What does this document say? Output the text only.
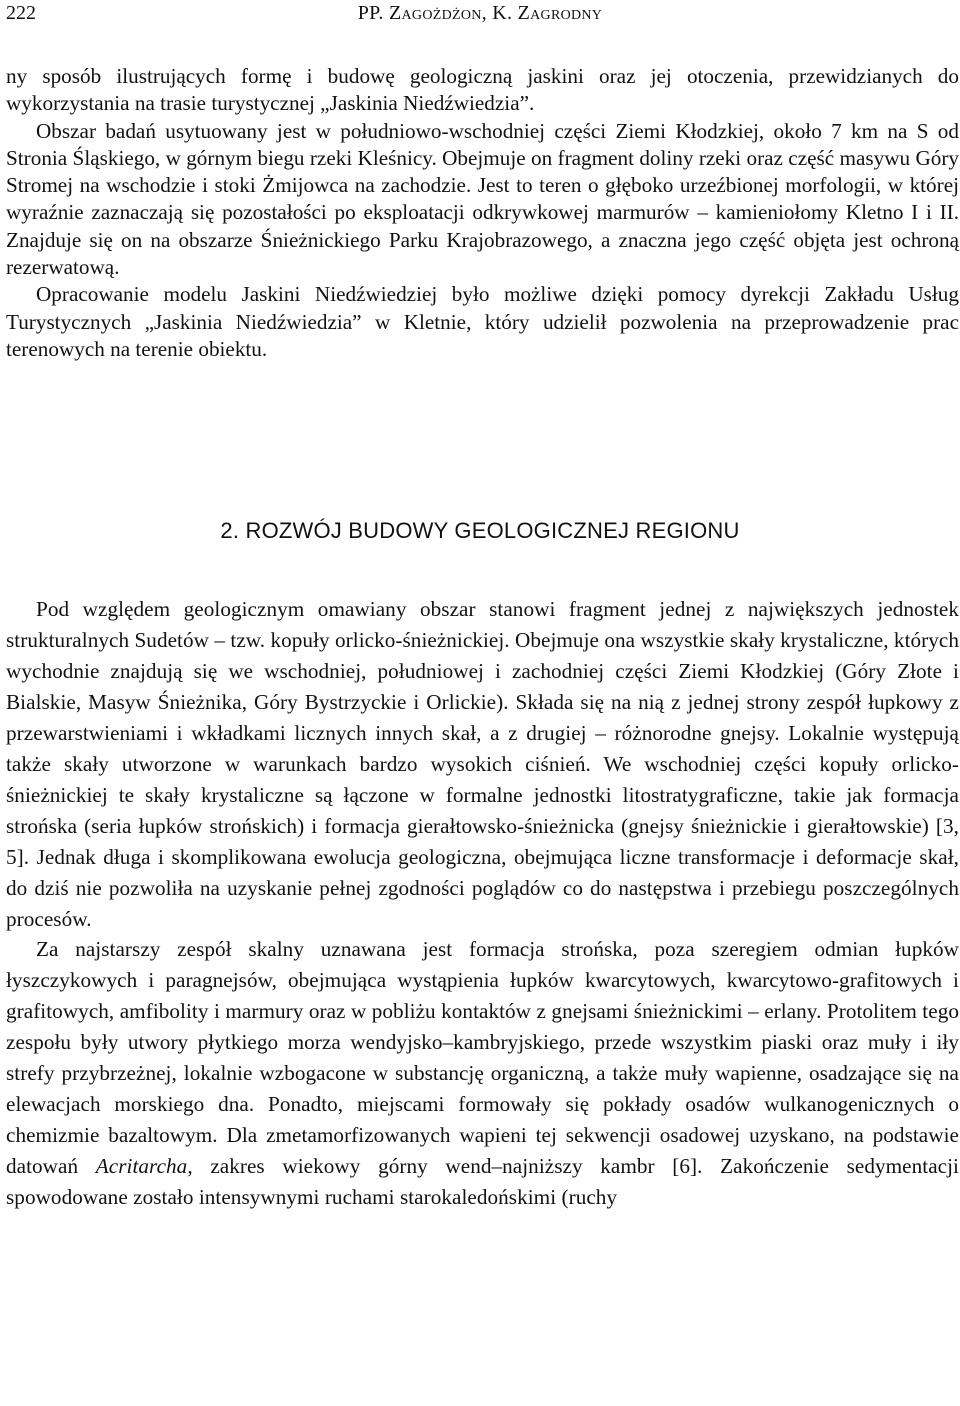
222	PP. Zagożdżon, K. Zagrodny

ny sposób ilustrujących formę i budowę geologiczną jaskini oraz jej otoczenia, przewidzianych do wykorzystania na trasie turystycznej „Jaskinia Niedźwiedzia”.

Obszar badań usytuowany jest w południowo-wschodniej części Ziemi Kłodzkiej, około 7 km na S od Stronia Śląskiego, w górnym biegu rzeki Kleśnicy. Obejmuje on fragment doliny rzeki oraz część masywu Góry Stromej na wschodzie i stoki Żmijowca na zachodzie. Jest to teren o głęboko urzeźbionej morfologii, w której wyraźnie zaznaczają się pozostałości po eksploatacji odkrywkowej marmurów – kamieniołomy Kletno I i II. Znajduje się on na obszarze Śnieżnickiego Parku Krajobrazowego, a znaczna jego część objęta jest ochroną rezerwatową.

Opracowanie modelu Jaskini Niedźwiedziej było możliwe dzięki pomocy dyrekcji Zakładu Usług Turystycznych „Jaskinia Niedźwiedzia” w Kletnie, który udzielił pozwolenia na przeprowadzenie prac terenowych na terenie obiektu.

2. ROZWÓJ BUDOWY GEOLOGICZNEJ REGIONU

Pod względem geologicznym omawiany obszar stanowi fragment jednej z największych jednostek strukturalnych Sudetów – tzw. kopuły orlicko-śnieżnickiej. Obejmuje ona wszystkie skały krystaliczne, których wychodnie znajdują się we wschodniej, południowej i zachodniej części Ziemi Kłodzkiej (Góry Złote i Bialskie, Masyw Śnieżnika, Góry Bystrzyckie i Orlickie). Składa się na nią z jednej strony zespół łupkowy z przewarstwieniami i wkładkami licznych innych skał, a z drugiej – różnorodne gnejsy. Lokalnie występują także skały utworzone w warunkach bardzo wysokich ciśnień. We wschodniej części kopuły orlicko-śnieżnickiej te skały krystaliczne są łączone w formalne jednostki litostratygraficzne, takie jak formacja strońska (seria łupków strońskich) i formacja gierałtowsko-śnieżnicka (gnejsy śnieżnickie i gierałtowskie) [3, 5]. Jednak długa i skomplikowana ewolucja geologiczna, obejmująca liczne transformacje i deformacje skał, do dziś nie pozwoliła na uzyskanie pełnej zgodności poglądów co do następstwa i przebiegu poszczególnych procesów.

Za najstarszy zespół skalny uznawana jest formacja strońska, poza szeregiem odmian łupków łyszczykowych i paragnejsów, obejmująca wystąpienia łupków kwarcytowych, kwarcytowo-grafitowych i grafitowych, amfibolity i marmury oraz w pobliżu kontaktów z gnejsami śnieżnickimi – erlany. Protolitem tego zespołu były utwory płytkiego morza wendyjsko–kambryjskiego, przede wszystkim piaski oraz muły i iły strefy przybrzeżnej, lokalnie wzbogacone w substancję organiczną, a także muły wapienne, osadzające się na elewacjach morskiego dna. Ponadto, miejscami formowały się pokłady osadów wulkanogenicznych o chemizmie bazaltowym. Dla zmetamorfizowanych wapieni tej sekwencji osadowej uzyskano, na podstawie datowań Acritarcha, zakres wiekowy górny wend–najniższy kambr [6]. Zakończenie sedymentacji spowodowane zostało intensywnymi ruchami starokaledońskimi (ruchy
